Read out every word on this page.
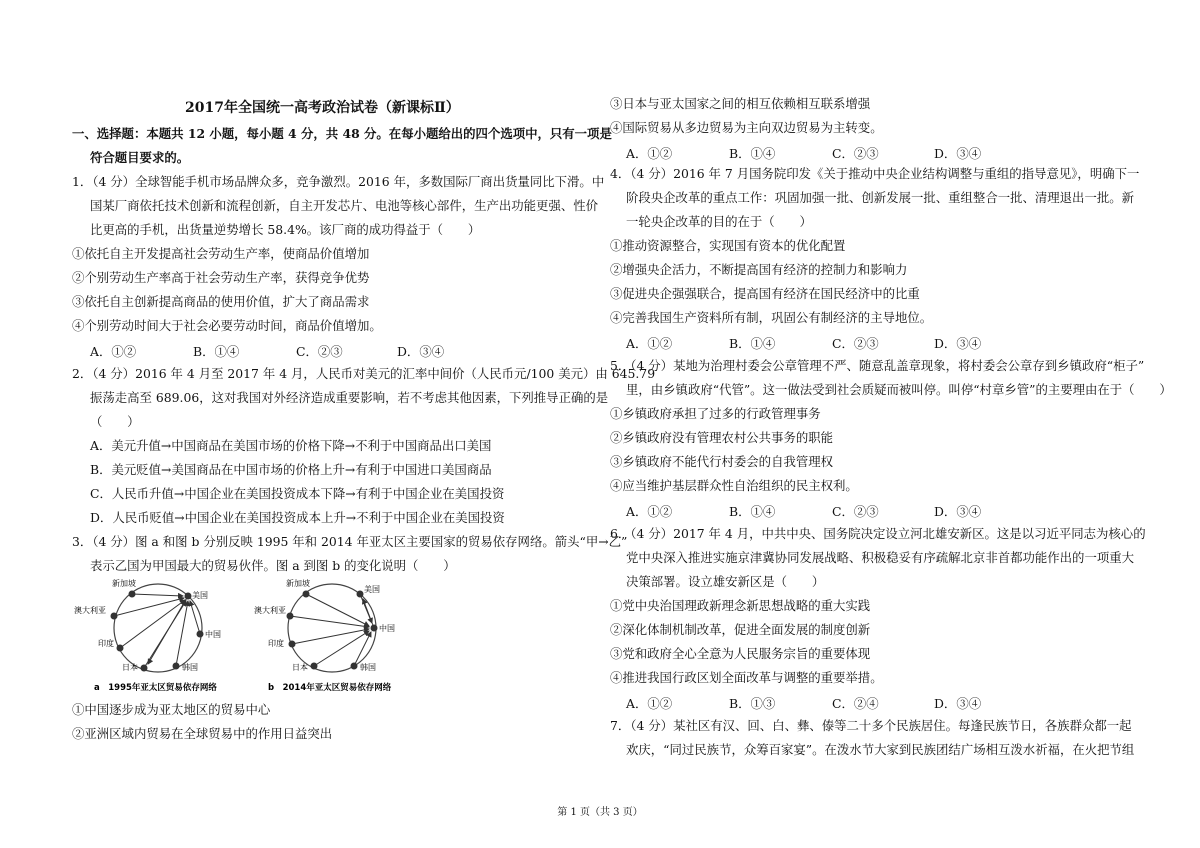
2017年全国统一高考政治试卷（新课标Ⅱ）
一、选择题：本题共 12 小题，每小题 4 分，共 48 分。在每小题给出的四个选项中，只有一项是
符合题目要求的。
1．（4 分）全球智能手机市场品牌众多，竞争激烈。2016 年，多数国际厂商出货量同比下滑。中
国某厂商依托技术创新和流程创新，自主开发芯片、电池等核心部件，生产出功能更强、性价
比更高的手机，出货量逆势增长 58.4%。该厂商的成功得益于（　　）
①依托自主开发提高社会劳动生产率，使商品价值增加
②个别劳动生产率高于社会劳动生产率，获得竞争优势
③依托自主创新提高商品的使用价值，扩大了商品需求
④个别劳动时间大于社会必要劳动时间，商品价值增加。
A．①②	B．①④	C．②③	D．③④
2．（4 分）2016 年 4 月至 2017 年 4 月，人民币对美元的汇率中间价（人民币元/100 美元）由 645.79
振荡走高至 689.06，这对我国对外经济造成重要影响，若不考虑其他因素，下列推导正确的是
（　　）
A．美元升值→中国商品在美国市场的价格下降→不利于中国商品出口美国
B．美元贬值→美国商品在中国市场的价格上升→有利于中国进口美国商品
C．人民币升值→中国企业在美国投资成本下降→有利于中国企业在美国投资
D．人民币贬值→中国企业在美国投资成本上升→不利于中国企业在美国投资
3．（4 分）图 a 和图 b 分别反映 1995 年和 2014 年亚太区主要国家的贸易依存网络。箭头“甲→乙”
表示乙国为甲国最大的贸易伙伴。图 a 到图 b 的变化说明（　　）
新加坡
美国
澳大利亚
中国
印度
日本	韩国
a　1995年亚太区贸易依存网络
新加坡
美国
澳大利亚
中国
印度
日本	韩国
b　2014年亚太区贸易依存网络
①中国逐步成为亚太地区的贸易中心
②亚洲区域内贸易在全球贸易中的作用日益突出
③日本与亚太国家之间的相互依赖相互联系增强
④国际贸易从多边贸易为主向双边贸易为主转变。
A．①②	B．①④	C．②③	D．③④
4．（4 分）2016 年 7 月国务院印发《关于推动中央企业结构调整与重组的指导意见》，明确下一
阶段央企改革的重点工作：巩固加强一批、创新发展一批、重组整合一批、清理退出一批。新
一轮央企改革的目的在于（　　）
①推动资源整合，实现国有资本的优化配置
②增强央企活力，不断提高国有经济的控制力和影响力
③促进央企强强联合，提高国有经济在国民经济中的比重
④完善我国生产资料所有制，巩固公有制经济的主导地位。
A．①②	B．①④	C．②③	D．③④
5．（4 分）某地为治理村委会公章管理不严、随意乱盖章现象，将村委会公章存到乡镇政府“柜子”
里，由乡镇政府“代管”。这一做法受到社会质疑而被叫停。叫停“村章乡管”的主要理由在于（　　）
①乡镇政府承担了过多的行政管理事务
②乡镇政府没有管理农村公共事务的职能
③乡镇政府不能代行村委会的自我管理权
④应当维护基层群众性自治组织的民主权利。
A．①②	B．①④	C．②③	D．③④
6．（4 分）2017 年 4 月，中共中央、国务院决定设立河北雄安新区。这是以习近平同志为核心的
党中央深入推进实施京津冀协同发展战略、积极稳妥有序疏解北京非首都功能作出的一项重大
决策部署。设立雄安新区是（　　）
①党中央治国理政新理念新思想战略的重大实践
②深化体制机制改革，促进全面发展的制度创新
③党和政府全心全意为人民服务宗旨的重要体现
④推进我国行政区划全面改革与调整的重要举措。
A．①②	B．①③	C．②④	D．③④
7．（4 分）某社区有汉、回、白、彝、傣等二十多个民族居住。每逢民族节日，各族群众都一起
欢庆，“同过民族节，众筹百家宴”。在泼水节大家到民族团结广场相互泼水祈福，在火把节组
第 1 页（共 3 页）
